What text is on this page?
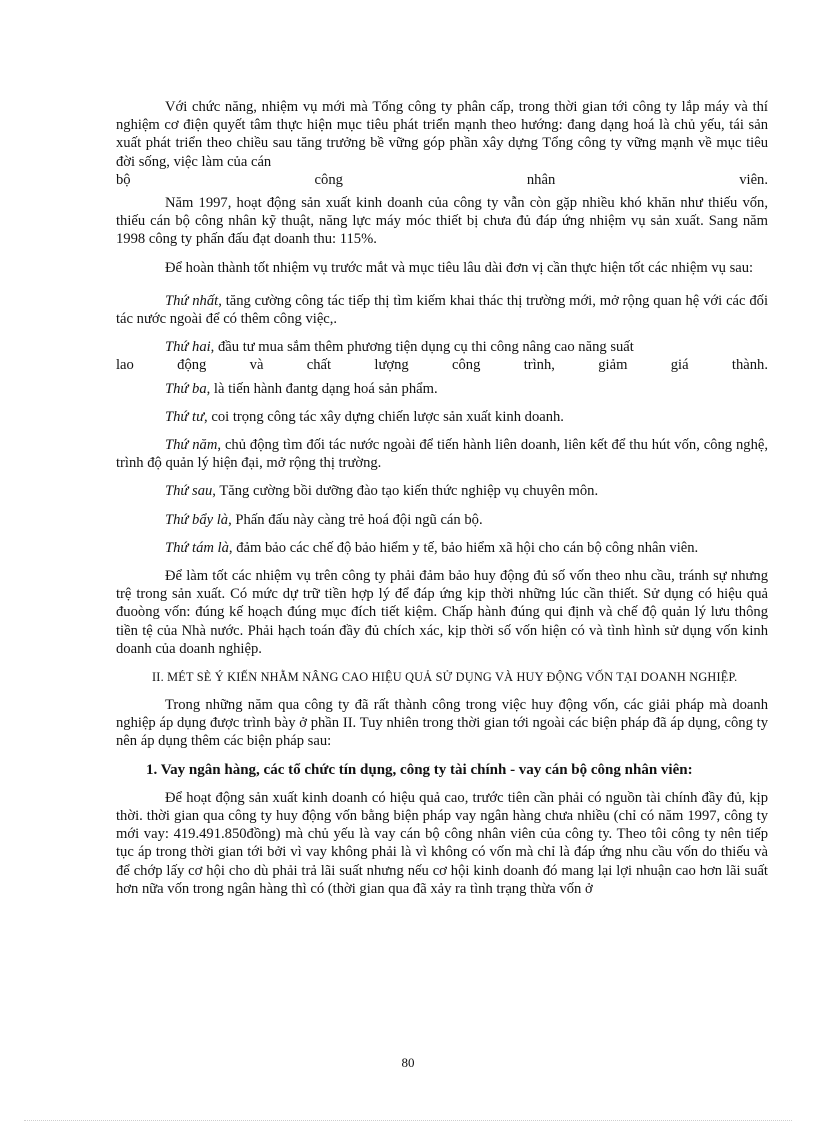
Với chức năng, nhiệm vụ mới mà Tổng công ty phân cấp, trong thời gian tới công ty lắp máy và thí nghiệm cơ điện quyết tâm thực hiện mục tiêu phát triển mạnh theo hướng: đang dạng hoá là chủ yếu, tái sản xuất phát triển theo chiều sau tăng trưởng bề vững góp phần xây dựng Tổng công ty vững mạnh về mục tiêu đời sống, việc làm của cán

bộ công nhân viên.

Năm 1997, hoạt động sản xuất kinh doanh của công ty vẫn còn gặp nhiều khó khăn như thiếu vốn, thiếu cán bộ công nhân kỹ thuật, năng lực máy móc thiết bị chưa đủ đáp ứng nhiệm vụ sản xuất. Sang năm 1998 công ty phấn đấu đạt doanh thu: 115%.

Để hoàn thành tốt nhiệm vụ trước mắt và mục tiêu lâu dài đơn vị cần thực hiện tốt các nhiệm vụ sau:

Thứ nhất, tăng cường công tác tiếp thị tìm kiếm khai thác thị trường mới, mở rộng quan hệ với các đối tác nước ngoài để có thêm công việc,.

Thứ hai, đầu tư mua sắm thêm phương tiện dụng cụ thi công nâng cao năng suất

lao động và chất lượng công trình, giảm giá thành.

Thứ ba, là tiến hành đantg dạng hoá sản phẩm.

Thứ tư, coi trọng công tác xây dựng chiến lược sản xuất kinh doanh.

Thứ năm, chủ động tìm đối tác nước ngoài để tiến hành liên doanh, liên kết để thu hút vốn, công nghệ, trình độ quản lý hiện đại, mở rộng thị trường.

Thứ sau, Tăng cường bồi dưỡng đào tạo kiến thức nghiệp vụ chuyên môn.

Thứ bẩy là, Phấn đấu này càng trẻ hoá đội ngũ cán bộ.

Thứ tám là, đảm bảo các chế độ bảo hiểm y tế, bảo hiểm xã hội cho cán bộ công nhân viên.

Để làm tốt các nhiệm vụ trên công ty phải đảm bảo huy động đủ số vốn theo nhu cầu, tránh sự nhưng trệ trong sản xuất. Có mức dự trữ tiền hợp lý để đáp ứng kịp thời những lúc cần thiết. Sử dụng có hiệu quả đuoòng vốn: đúng kế hoạch đúng mục đích tiết kiệm. Chấp hành đúng qui định và chế độ quản lý lưu thông tiền tệ của Nhà nước. Phải hạch toán đầy đủ chích xác, kịp thời số vốn hiện có và tình hình sử dụng vốn kinh doanh của doanh nghiệp.

II. MÉT SÈ Ý KIẾN NHẰM NÂNG CAO HIỆU QUẢ SỬ DỤNG VÀ HUY ĐỘNG VỐN TẠI DOANH NGHIỆP.

Trong những năm qua công ty đã rất thành công trong việc huy động vốn, các giải pháp mà doanh nghiệp áp dụng được trình bày ở phần II. Tuy nhiên trong thời gian tới ngoài các biện pháp đã áp dụng, công ty nên áp dụng thêm các biện pháp sau:

1. Vay ngân hàng, các tổ chức tín dụng, công ty tài chính - vay cán bộ công nhân viên:

Để hoạt động sản xuất kinh doanh có hiệu quả cao, trước tiên cần phải có nguồn tài chính đầy đủ, kịp thời. thời gian qua công ty huy động vốn bằng biện pháp vay ngân hàng chưa nhiều (chỉ có năm 1997, công ty mới vay: 419.491.850đồng) mà chủ yếu là vay cán bộ công nhân viên của công ty. Theo tôi công ty nên tiếp tục áp trong thời gian tới bởi vì vay không phải là vì không có vốn mà chỉ là đáp ứng nhu cầu vốn do thiếu và để chớp lấy cơ hội cho dù phải trả lãi suất nhưng nếu cơ hội kinh doanh đó mang lại lợi nhuận cao hơn lãi suất hơn nữa vốn trong ngân hàng thì có (thời gian qua đã xảy ra tình trạng thừa vốn ở

80
